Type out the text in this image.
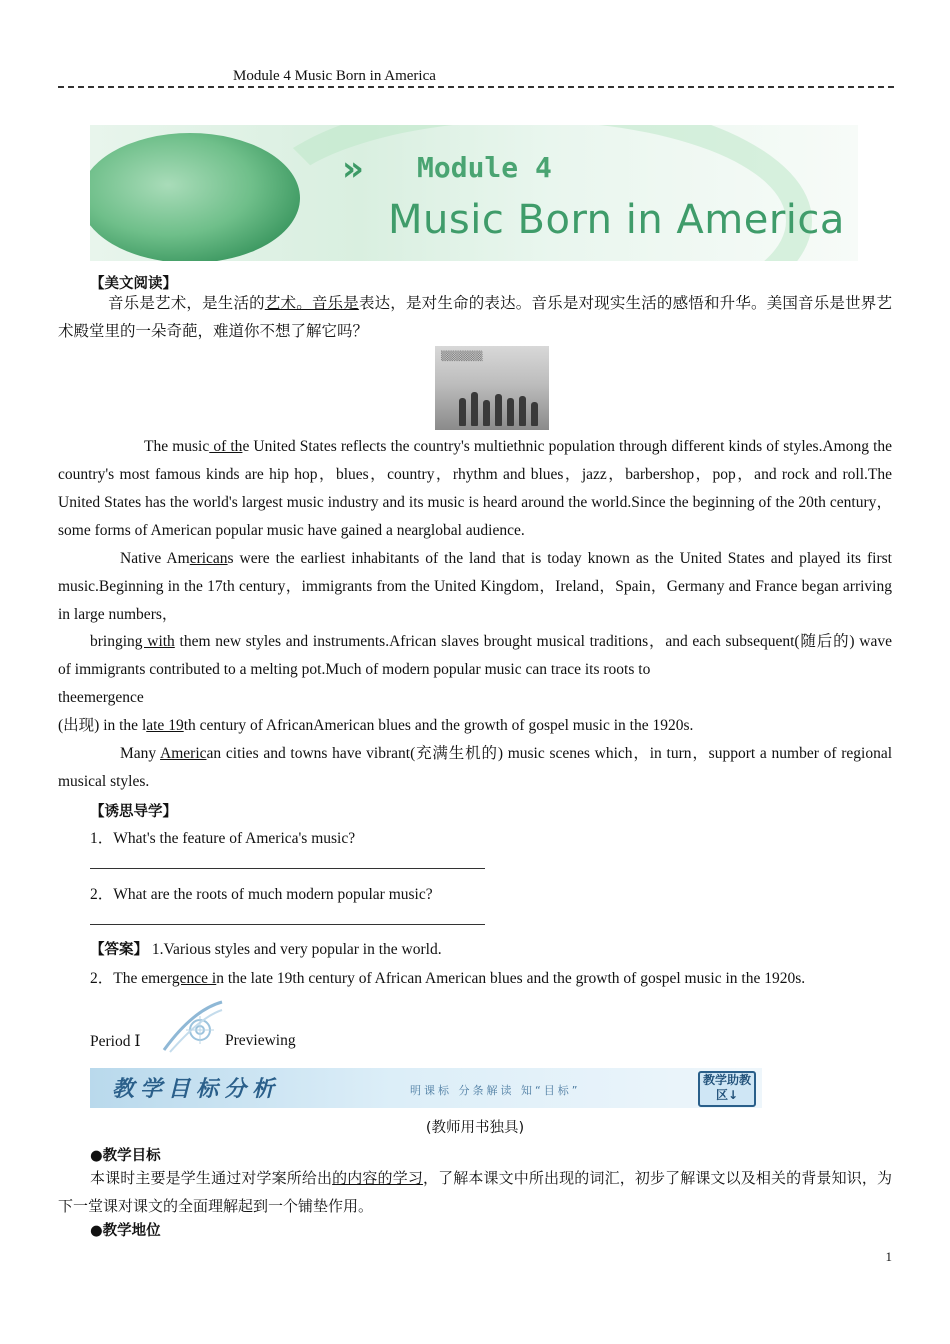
Module 4 Music Born in America
» Module 4
Music Born in America
【美文阅读】

音乐是艺术，是生活的艺术。音乐是表达，是对生命的表达。音乐是对现实生活的感悟和升华。美国音乐是世界艺术殿堂里的一朵奇葩，难道你不想了解它吗？

▒▒▒▒▒▒

The music of the United States reflects the country's multiethnic population through different kinds of styles.Among the country's most famous kinds are hip hop，blues，country，rhythm and blues，jazz，barbershop，pop，and rock and roll.The United States has the world's largest music industry and its music is heard around the world.Since the beginning of the 20th century，some forms of American popular music have gained a nearglobal audience.

Native Americans were the earliest inhabitants of the land that is today known as the United States and played its first music.Beginning in the 17th century，immigrants from the United Kingdom，Ireland，Spain，Germany and France began arriving in large numbers，

bringing with them new styles and instruments.African slaves brought musical traditions，and each subsequent(随后的) wave of immigrants contributed to a melting pot.Much of modern popular music can trace its roots to

theemergence

(出现) in the late 19th century of AfricanAmerican blues and the growth of gospel music in the 1920s.

Many American cities and towns have vibrant(充满生机的) music scenes which，in turn，support a number of regional musical styles.

【诱思导学】
1．What's the feature of America's music?
2．What are the roots of much modern popular music?
【答案】 1.Various styles and very popular in the world.
2．The emergence in the late 19th century of African American blues and the growth of gospel music in the 1920s.
Period Ⅰ	Previewing
教学目标分析	明课标 分条解读 知“目标”
教学助教区↓
(教师用书独具)
●教学目标

本课时主要是学生通过对学案所给出的内容的学习，了解本课文中所出现的词汇，初步了解课文以及相关的背景知识，为下一堂课对课文的全面理解起到一个铺垫作用。

●教学地位
1
